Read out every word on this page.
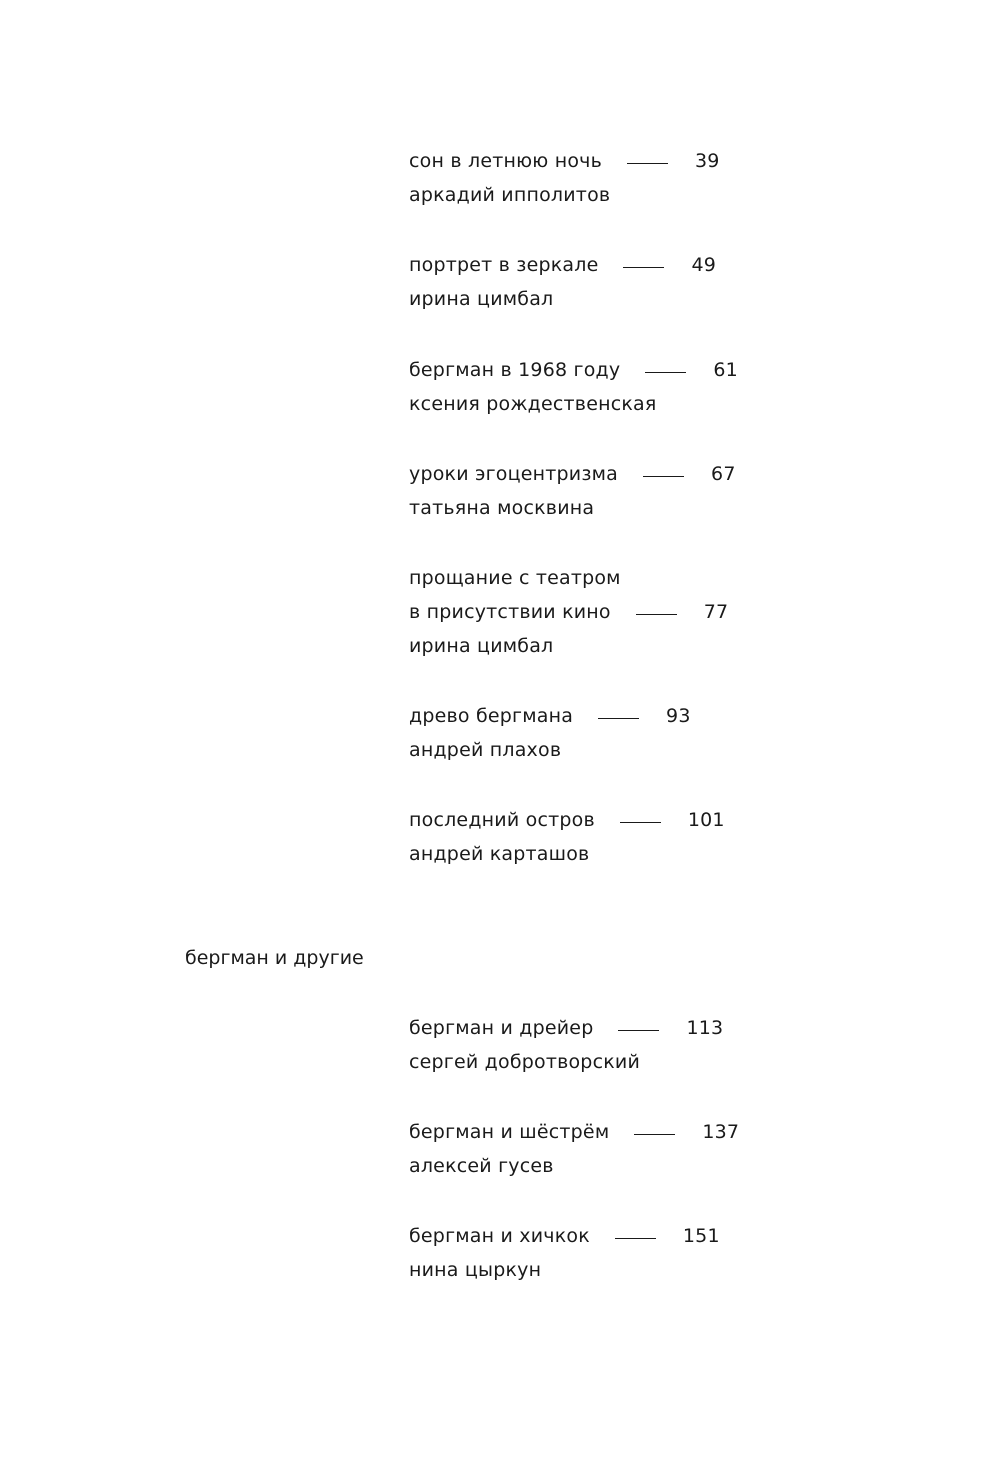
сон в летнюю ночь	39
аркадий ипполитов
портрет в зеркале	49
ирина цимбал
бергман в 1968 году	61
ксения рождественская
уроки эгоцентризма	67
татьяна москвина
прощание с театром
в присутствии кино	77
ирина цимбал
древо бергмана	93
андрей плахов
последний остров	101
андрей карташов
бергман и другие
бергман и дрейер	113
сергей добротворский
бергман и шёстрём	137
алексей гусев
бергман и хичкок	151
нина цыркун
